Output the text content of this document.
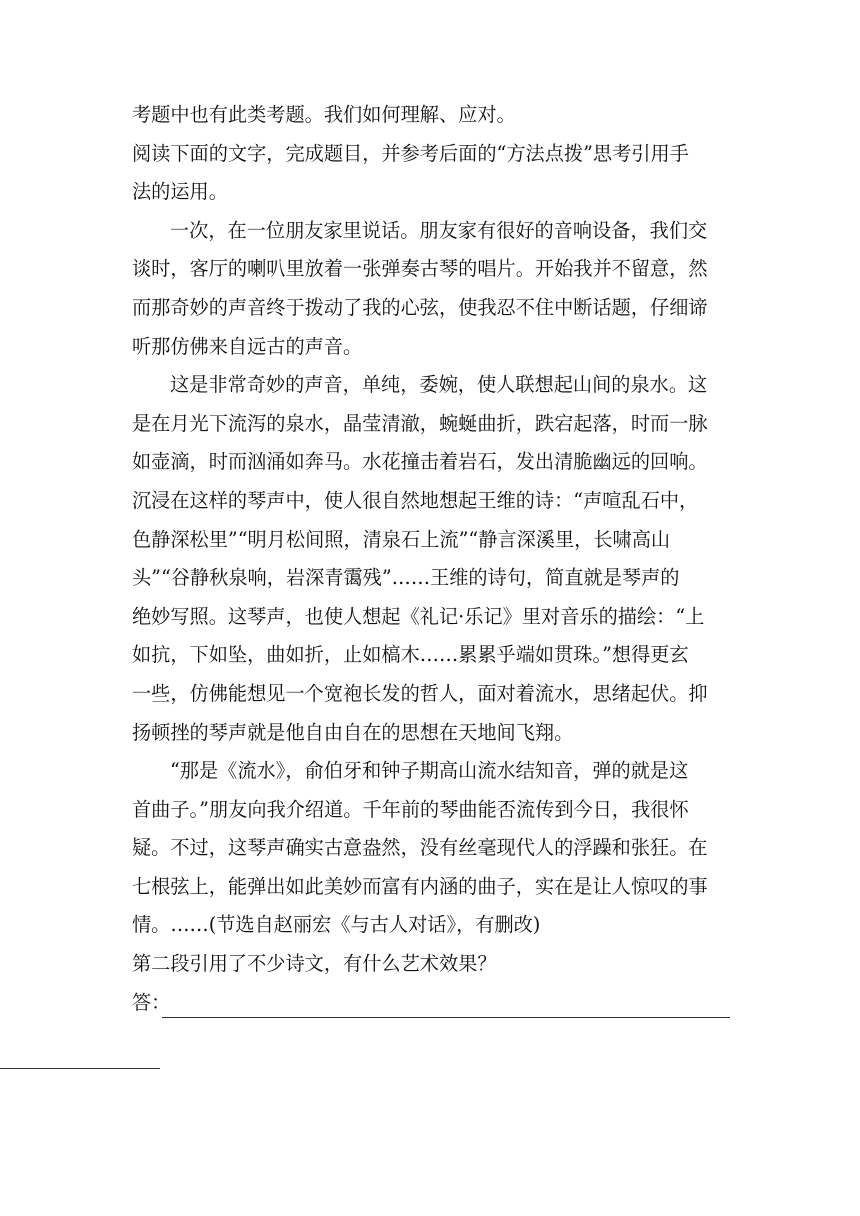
考题中也有此类考题。我们如何理解、应对。
阅读下面的文字，完成题目，并参考后面的“方法点拨”思考引用手
法的运用。
一次，在一位朋友家里说话。朋友家有很好的音响设备，我们交
谈时，客厅的喇叭里放着一张弹奏古琴的唱片。开始我并不留意，然
而那奇妙的声音终于拨动了我的心弦，使我忍不住中断话题，仔细谛
听那仿佛来自远古的声音。
这是非常奇妙的声音，单纯，委婉，使人联想起山间的泉水。这
是在月光下流泻的泉水，晶莹清澈，蜿蜒曲折，跌宕起落，时而一脉
如壶滴，时而汹涌如奔马。水花撞击着岩石，发出清脆幽远的回响。
沉浸在这样的琴声中，使人很自然地想起王维的诗：“声喧乱石中，
色静深松里”“明月松间照，清泉石上流”“静言深溪里，长啸高山
头”“谷静秋泉响，岩深青霭残”……王维的诗句，简直就是琴声的
绝妙写照。这琴声，也使人想起《礼记·乐记》里对音乐的描绘：“上
如抗，下如坠，曲如折，止如槁木……累累乎端如贯珠。”想得更玄
一些，仿佛能想见一个宽袍长发的哲人，面对着流水，思绪起伏。抑
扬顿挫的琴声就是他自由自在的思想在天地间飞翔。
“那是《流水》，俞伯牙和钟子期高山流水结知音，弹的就是这
首曲子。”朋友向我介绍道。千年前的琴曲能否流传到今日，我很怀
疑。不过，这琴声确实古意盎然，没有丝毫现代人的浮躁和张狂。在
七根弦上，能弹出如此美妙而富有内涵的曲子，实在是让人惊叹的事
情。……(节选自赵丽宏《与古人对话》，有删改)
第二段引用了不少诗文，有什么艺术效果？
答：
